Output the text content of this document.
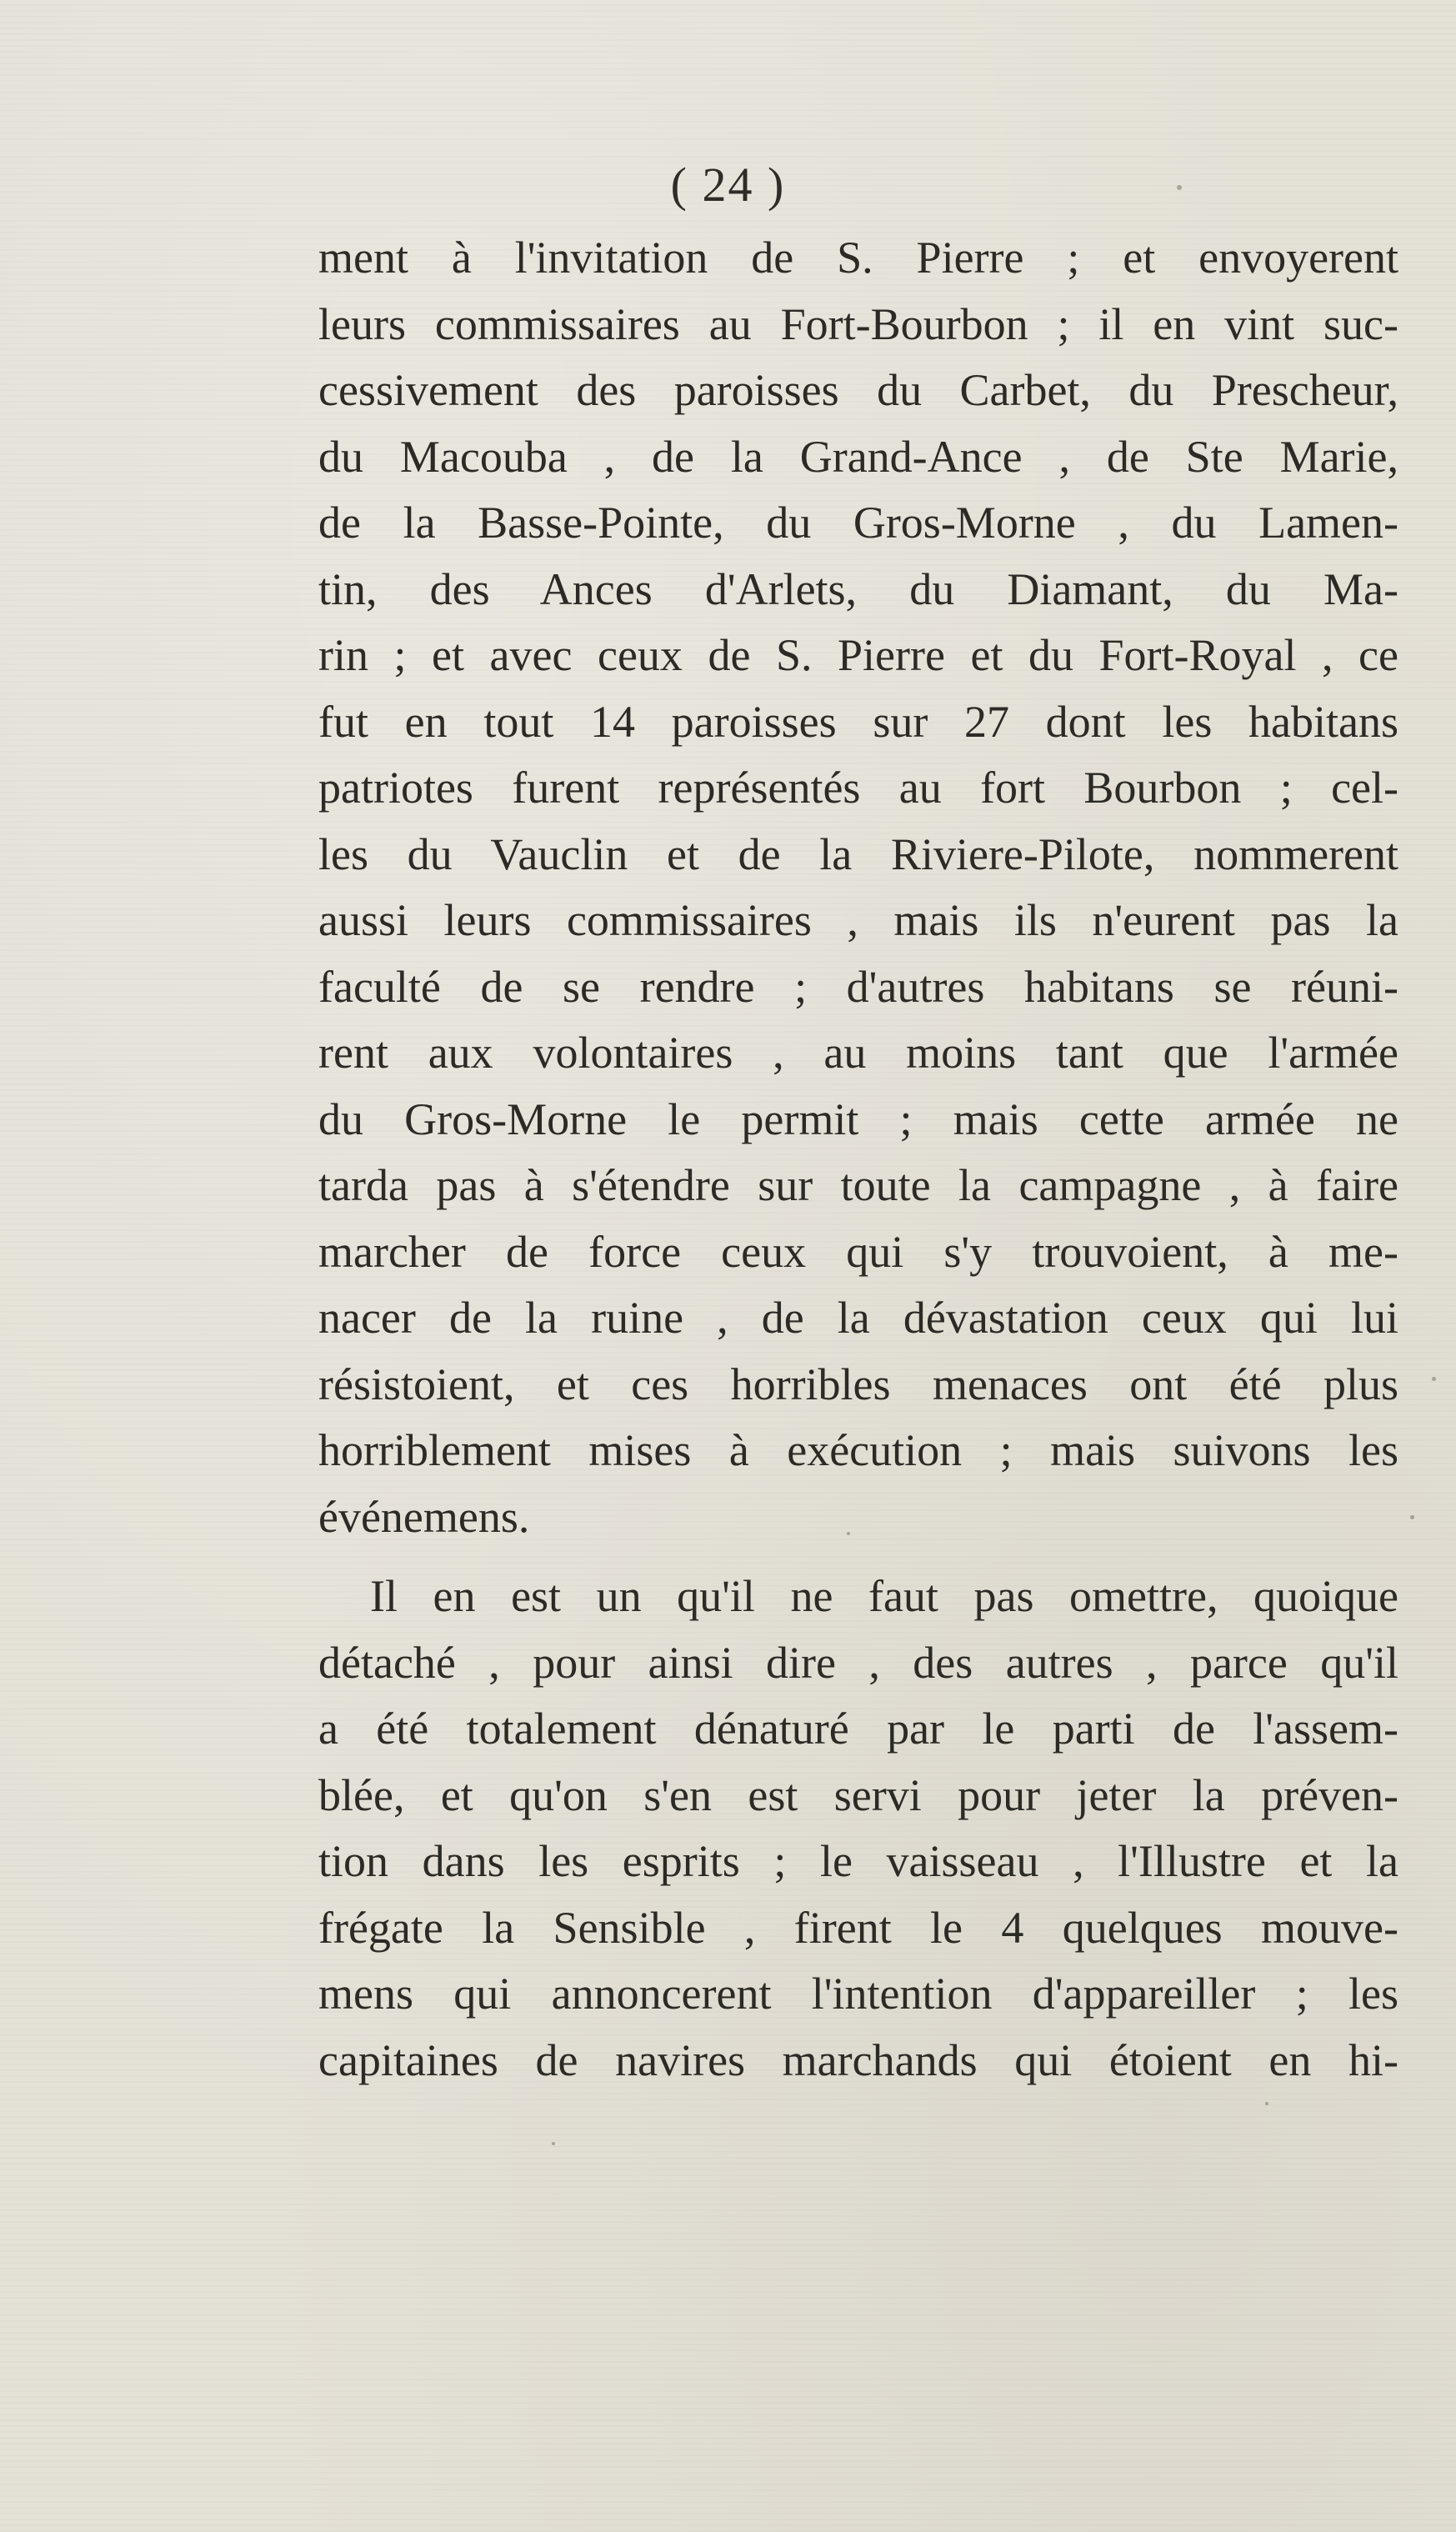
( 24 )
ment à l'invitation de S. Pierre ; et envoyerent
leurs commissaires au Fort-Bourbon ; il en vint suc-
cessivement des paroisses du Carbet, du Prescheur,
du Macouba , de la Grand-Ance , de Ste Marie,
de la Basse-Pointe, du Gros-Morne , du Lamen-
tin, des Ances d'Arlets, du Diamant, du Ma-
rin ; et avec ceux de S. Pierre et du Fort-Royal , ce
fut en tout 14 paroisses sur 27 dont les habitans
patriotes furent représentés au fort Bourbon ; cel-
les du Vauclin et de la Riviere-Pilote, nommerent
aussi leurs commissaires , mais ils n'eurent pas la
faculté de se rendre ; d'autres habitans se réuni-
rent aux volontaires , au moins tant que l'armée
du Gros-Morne le permit ; mais cette armée ne
tarda pas à s'étendre sur toute la campagne , à faire
marcher de force ceux qui s'y trouvoient, à me-
nacer de la ruine , de la dévastation ceux qui lui
résistoient, et ces horribles menaces ont été plus
horriblement mises à exécution ; mais suivons les
événemens.
Il en est un qu'il ne faut pas omettre, quoique
détaché , pour ainsi dire , des autres , parce qu'il
a été totalement dénaturé par le parti de l'assem-
blée, et qu'on s'en est servi pour jeter la préven-
tion dans les esprits ; le vaisseau , l'Illustre et la
frégate la Sensible , firent le 4 quelques mouve-
mens qui annoncerent l'intention d'appareiller ; les
capitaines de navires marchands qui étoient en hi-
